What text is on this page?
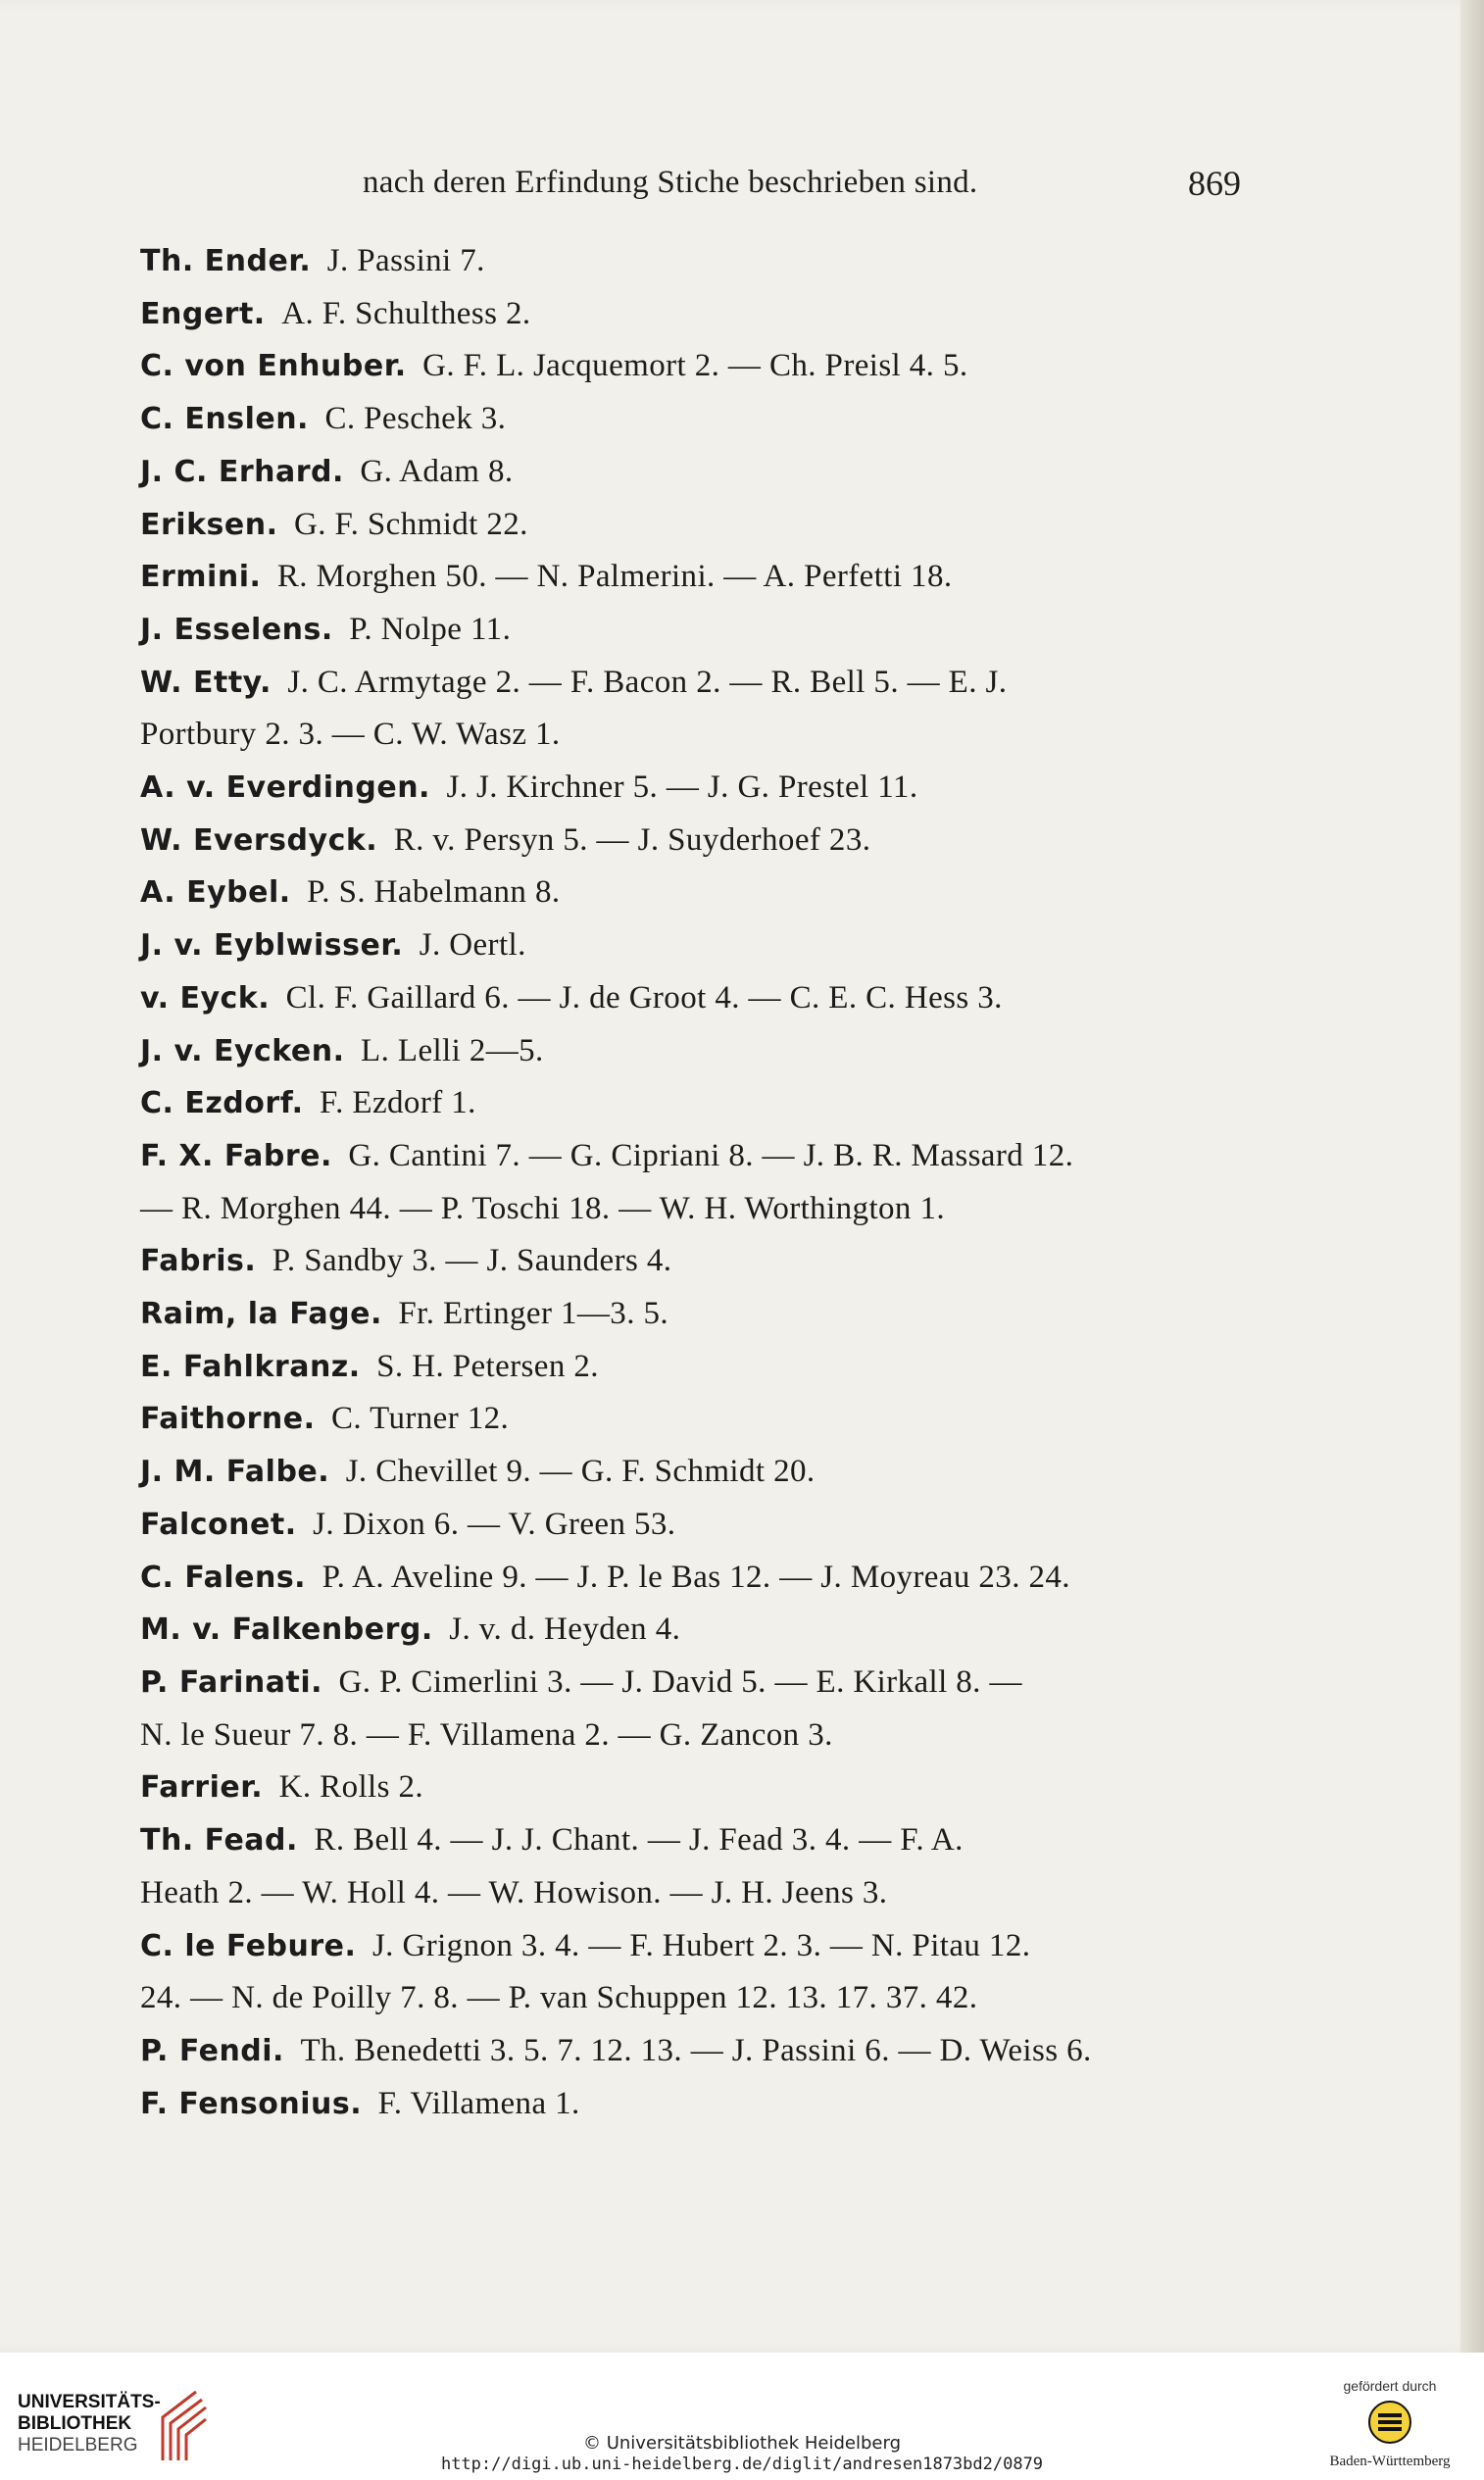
nach deren Erfindung Stiche beschrieben sind.	869
Th. Ender. J. Passini 7.
Engert. A. F. Schulthess 2.
C. von Enhuber. G. F. L. Jacquemort 2. — Ch. Preisl 4. 5.
C. Enslen. C. Peschek 3.
J. C. Erhard. G. Adam 8.
Eriksen. G. F. Schmidt 22.
Ermini. R. Morghen 50. — N. Palmerini. — A. Perfetti 18.
J. Esselens. P. Nolpe 11.
W. Etty. J. C. Armytage 2. — F. Bacon 2. — R. Bell 5. — E. J.
Portbury 2. 3. — C. W. Wasz 1.
A. v. Everdingen. J. J. Kirchner 5. — J. G. Prestel 11.
W. Eversdyck. R. v. Persyn 5. — J. Suyderhoef 23.
A. Eybel. P. S. Habelmann 8.
J. v. Eyblwisser. J. Oertl.
v. Eyck. Cl. F. Gaillard 6. — J. de Groot 4. — C. E. C. Hess 3.
J. v. Eycken. L. Lelli 2—5.
C. Ezdorf. F. Ezdorf 1.
F. X. Fabre. G. Cantini 7. — G. Cipriani 8. — J. B. R. Massard 12.
— R. Morghen 44. — P. Toschi 18. — W. H. Worthington 1.
Fabris. P. Sandby 3. — J. Saunders 4.
Raim, la Fage. Fr. Ertinger 1—3. 5.
E. Fahlkranz. S. H. Petersen 2.
Faithorne. C. Turner 12.
J. M. Falbe. J. Chevillet 9. — G. F. Schmidt 20.
Falconet. J. Dixon 6. — V. Green 53.
C. Falens. P. A. Aveline 9. — J. P. le Bas 12. — J. Moyreau 23. 24.
M. v. Falkenberg. J. v. d. Heyden 4.
P. Farinati. G. P. Cimerlini 3. — J. David 5. — E. Kirkall 8. —
N. le Sueur 7. 8. — F. Villamena 2. — G. Zancon 3.
Farrier. K. Rolls 2.
Th. Fead. R. Bell 4. — J. J. Chant. — J. Fead 3. 4. — F. A.
Heath 2. — W. Holl 4. — W. Howison. — J. H. Jeens 3.
C. le Febure. J. Grignon 3. 4. — F. Hubert 2. 3. — N. Pitau 12.
24. — N. de Poilly 7. 8. — P. van Schuppen 12. 13. 17. 37. 42.
P. Fendi. Th. Benedetti 3. 5. 7. 12. 13. — J. Passini 6. — D. Weiss 6.
F. Fensonius. F. Villamena 1.
UNIVERSITÄTS-
BIBLIOTHEK
HEIDELBERG	© Universitätsbibliothek Heidelberg
http://digi.ub.uni-heidelberg.de/diglit/andresen1873bd2/0879
gefördert durch
Baden-Württemberg
